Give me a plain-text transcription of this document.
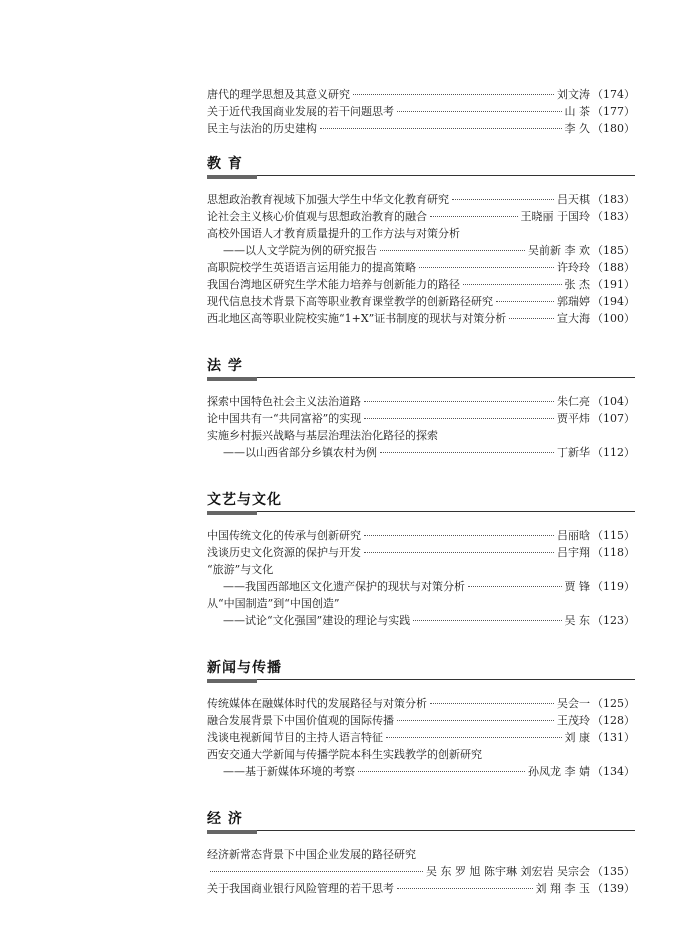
唐代的理学思想及其意义研究	刘文涛 （174）
关于近代我国商业发展的若干问题思考	山 茶 （177）
民主与法治的历史建构	李 久 （180）
教 育
思想政治教育视域下加强大学生中华文化教育研究	吕天棋 （183）
论社会主义核心价值观与思想政治教育的融合	王晓丽 于国玲 （183）
高校外国语人才教育质量提升的工作方法与对策分析
——以人文学院为例的研究报告	吴前新 李 欢 （185）
高职院校学生英语语言运用能力的提高策略	许玲玲 （188）
我国台湾地区研究生学术能力培养与创新能力的路径	张 杰 （191）
现代信息技术背景下高等职业教育课堂教学的创新路径研究	郭瑞婷 （194）
西北地区高等职业院校实施“1+X”证书制度的现状与对策分析	宣大海 （100）
法 学
探索中国特色社会主义法治道路	朱仁亮 （104）
论中国共有一“共同富裕”的实现	贾平炜 （107）
实施乡村振兴战略与基层治理法治化路径的探索
——以山西省部分乡镇农村为例	丁新华 （112）
文艺与文化
中国传统文化的传承与创新研究	吕丽晗 （115）
浅谈历史文化资源的保护与开发	吕宇翔 （118）
“旅游”与文化
——我国西部地区文化遗产保护的现状与对策分析	贾 锋 （119）
从“中国制造”到“中国创造”
——试论“文化强国”建设的理论与实践	吴 东 （123）
新闻与传播
传统媒体在融媒体时代的发展路径与对策分析	吴会一 （125）
融合发展背景下中国价值观的国际传播	王茂玲 （128）
浅谈电视新闻节目的主持人语言特征	刘 康 （131）
西安交通大学新闻与传播学院本科生实践教学的创新研究
——基于新媒体环境的考察	孙凤龙 李 婧 （134）
经 济
经济新常态背景下中国企业发展的路径研究
吴 东 罗 旭 陈宇琳 刘宏岩 吴宗会 （135）
关于我国商业银行风险管理的若干思考	刘 翔 李 玉 （139）
